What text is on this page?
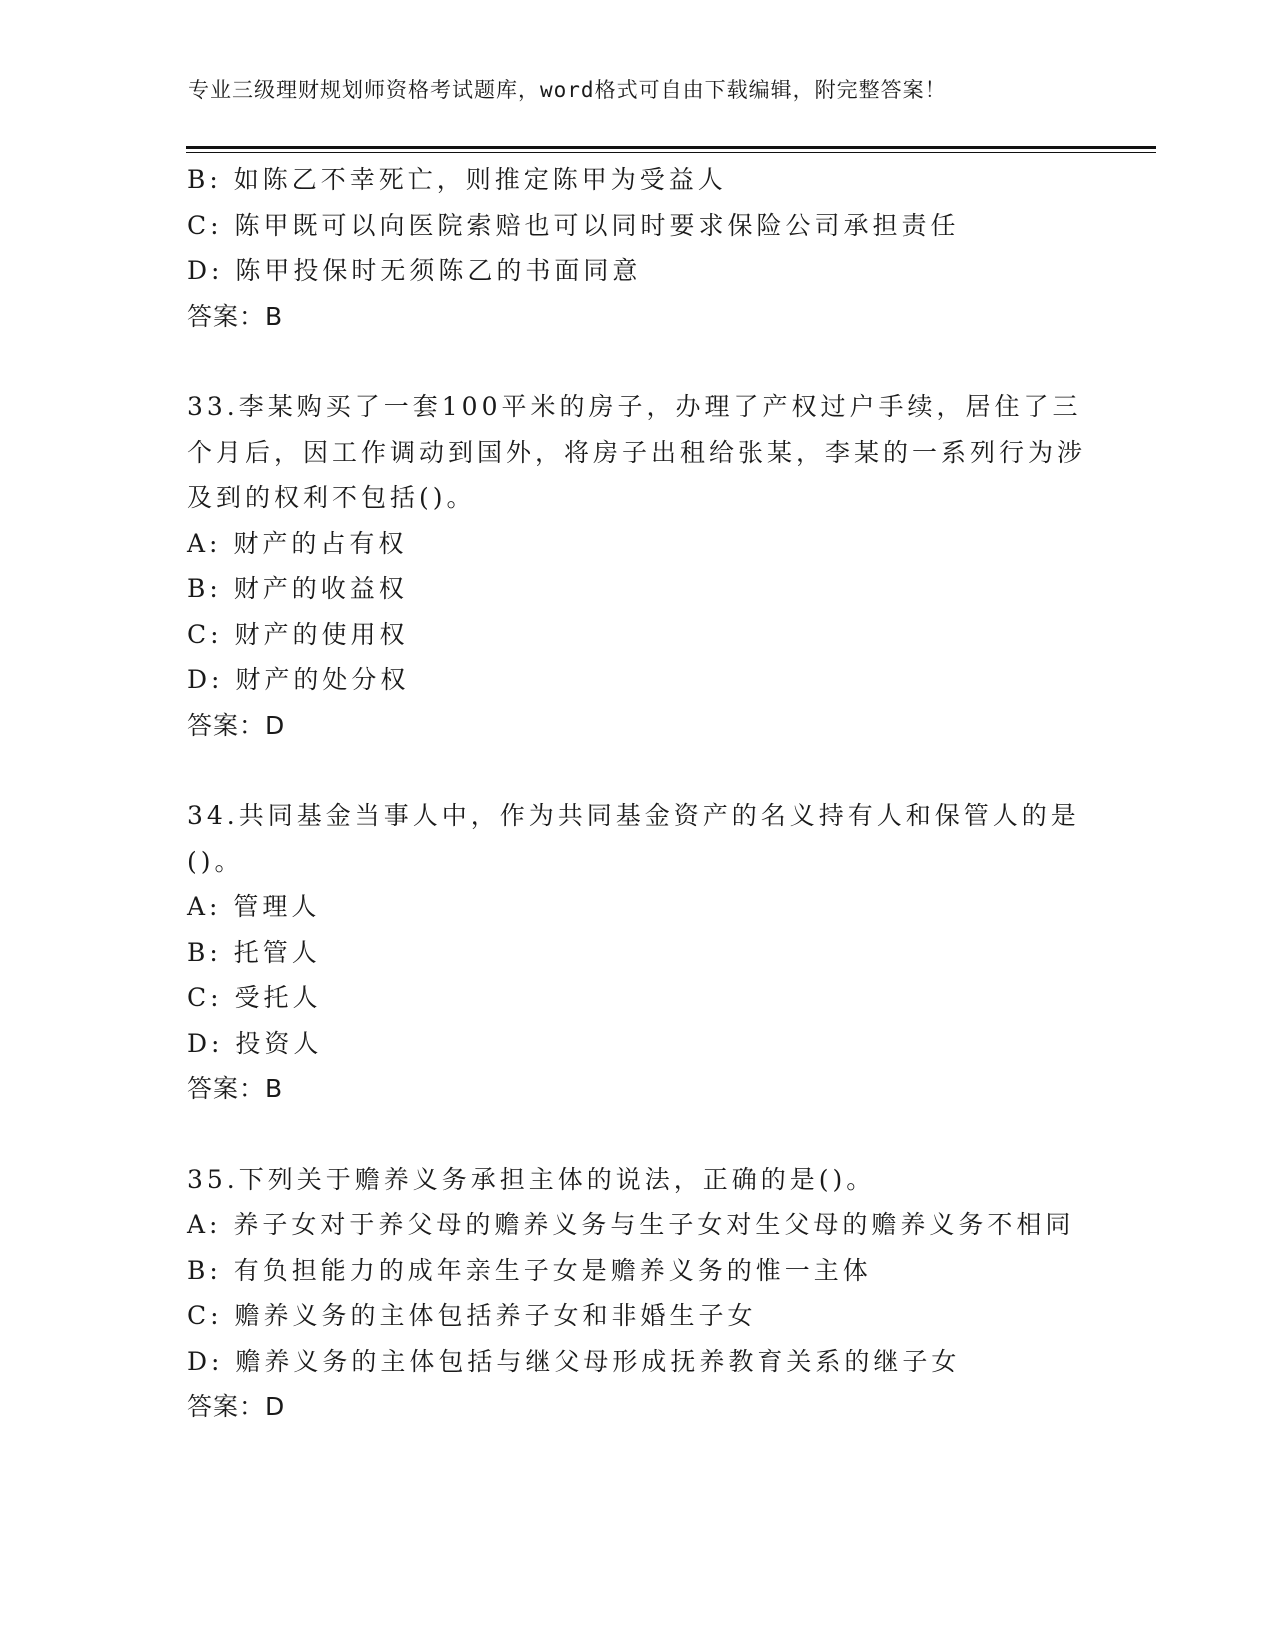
专业三级理财规划师资格考试题库，word格式可自由下载编辑，附完整答案！
B: 如陈乙不幸死亡，则推定陈甲为受益人
C: 陈甲既可以向医院索赔也可以同时要求保险公司承担责任
D: 陈甲投保时无须陈乙的书面同意
答案：B
33.李某购买了一套100平米的房子，办理了产权过户手续，居住了三个月后，因工作调动到国外，将房子出租给张某，李某的一系列行为涉及到的权利不包括()。
A: 财产的占有权
B: 财产的收益权
C: 财产的使用权
D: 财产的处分权
答案：D
34.共同基金当事人中，作为共同基金资产的名义持有人和保管人的是()。
A: 管理人
B: 托管人
C: 受托人
D: 投资人
答案：B
35.下列关于赡养义务承担主体的说法，正确的是()。
A: 养子女对于养父母的赡养义务与生子女对生父母的赡养义务不相同
B: 有负担能力的成年亲生子女是赡养义务的惟一主体
C: 赡养义务的主体包括养子女和非婚生子女
D: 赡养义务的主体包括与继父母形成抚养教育关系的继子女
答案：D
